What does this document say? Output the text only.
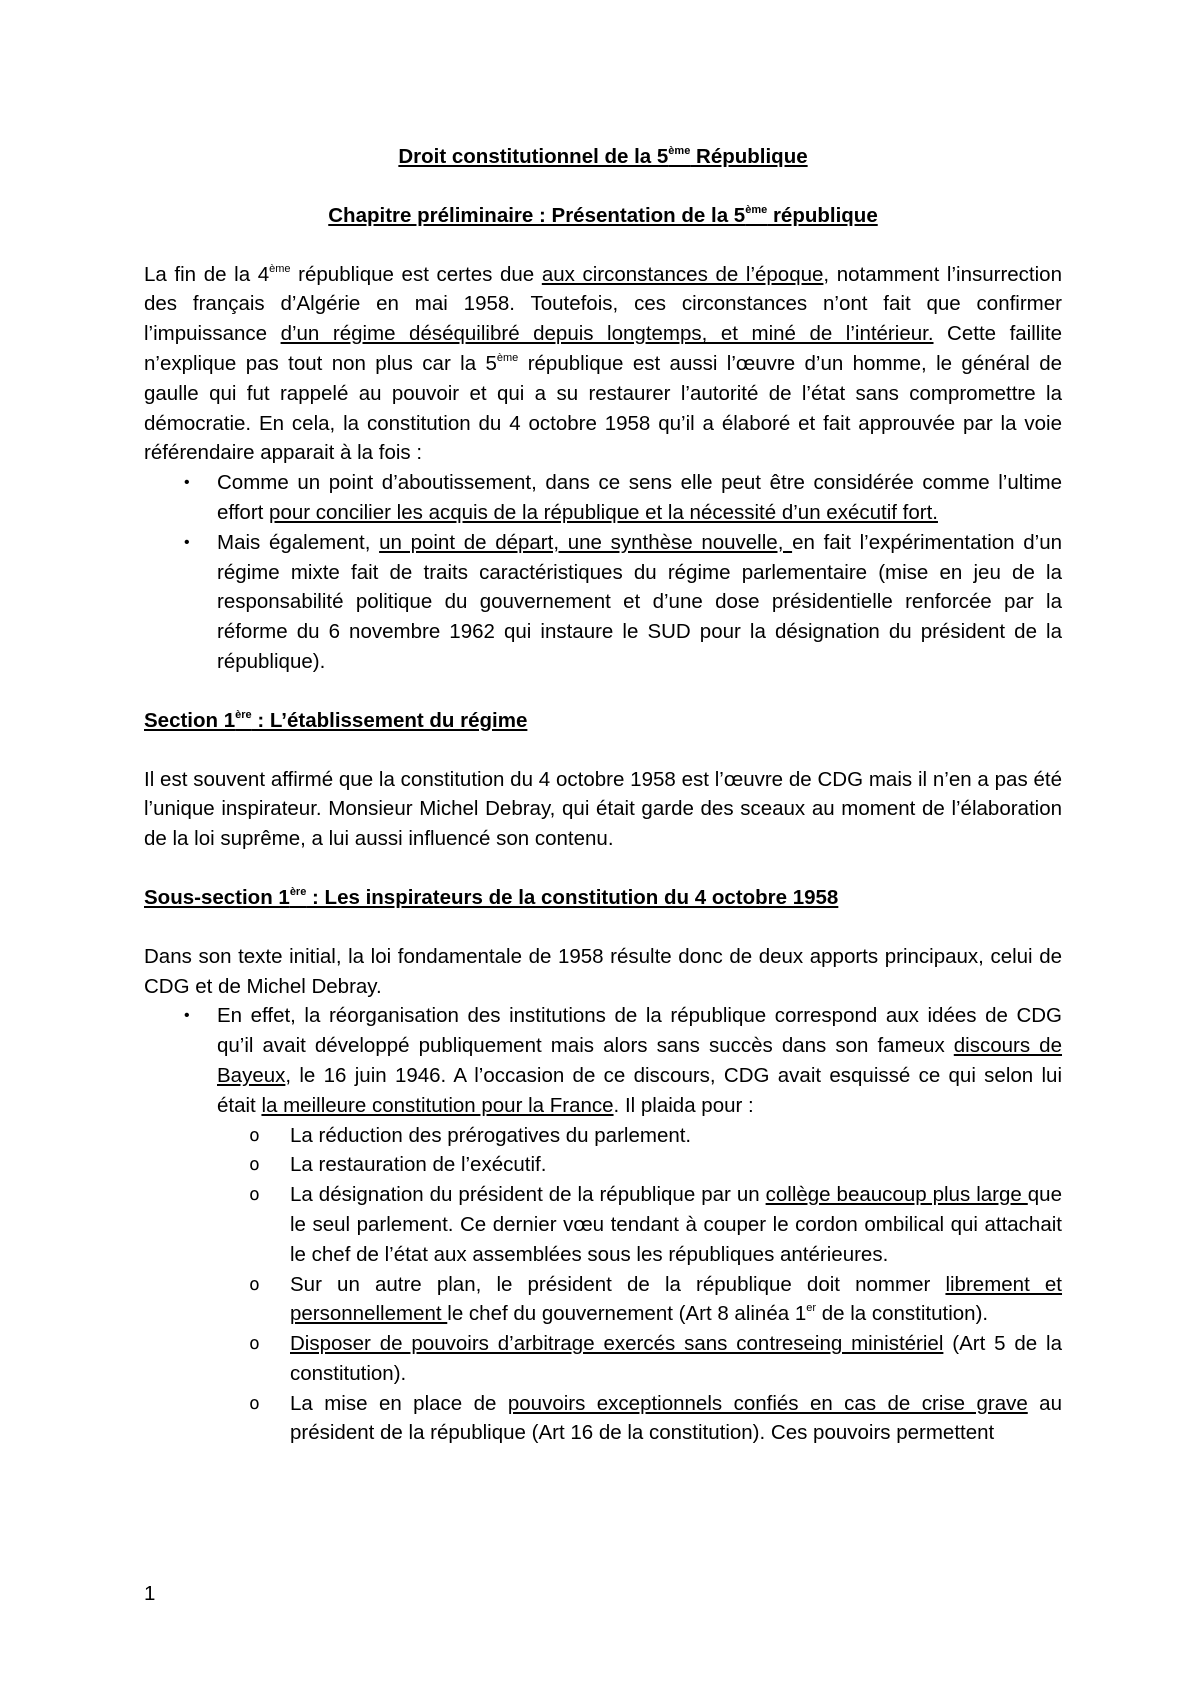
Droit constitutionnel de la 5ème République

Chapitre préliminaire : Présentation de la 5ème république

La fin de la 4ème république est certes due aux circonstances de l’époque, notamment l’insurrection des français d’Algérie en mai 1958. Toutefois, ces circonstances n’ont fait que confirmer l’impuissance d’un régime déséquilibré depuis longtemps, et miné de l’intérieur. Cette faillite n’explique pas tout non plus car la 5ème république est aussi l’œuvre d’un homme, le général de gaulle qui fut rappelé au pouvoir et qui a su restaurer l’autorité de l’état sans compromettre la démocratie. En cela, la constitution du 4 octobre 1958 qu’il a élaboré et fait approuvée par la voie référendaire apparait à la fois :

• Comme un point d’aboutissement, dans ce sens elle peut être considérée comme l’ultime effort pour concilier les acquis de la république et la nécessité d’un exécutif fort.
• Mais également, un point de départ, une synthèse nouvelle, en fait l’expérimentation d’un régime mixte fait de traits caractéristiques du régime parlementaire (mise en jeu de la responsabilité politique du gouvernement et d’une dose présidentielle renforcée par la réforme du 6 novembre 1962 qui instaure le SUD pour la désignation du président de la république).

Section 1ère : L’établissement du régime

Il est souvent affirmé que la constitution du 4 octobre 1958 est l’œuvre de CDG mais il n’en a pas été l’unique inspirateur. Monsieur Michel Debray, qui était garde des sceaux au moment de l’élaboration de la loi suprême, a lui aussi influencé son contenu.

Sous-section 1ère : Les inspirateurs de la constitution du 4 octobre 1958

Dans son texte initial, la loi fondamentale de 1958 résulte donc de deux apports principaux, celui de CDG et de Michel Debray.

• En effet, la réorganisation des institutions de la république correspond aux idées de CDG qu’il avait développé publiquement mais alors sans succès dans son fameux discours de Bayeux, le 16 juin 1946. A l’occasion de ce discours, CDG avait esquissé ce qui selon lui était la meilleure constitution pour la France. Il plaida pour :
o	La réduction des prérogatives du parlement.
o	La restauration de l’exécutif.
o	La désignation du président de la république par un collège beaucoup plus large que le seul parlement. Ce dernier vœu tendant à couper le cordon ombilical qui attachait le chef de l’état aux assemblées sous les républiques antérieures.
o	Sur un autre plan, le président de la république doit nommer librement et personnellement le chef du gouvernement (Art 8 alinéa 1er de la constitution).
o	Disposer de pouvoirs d’arbitrage exercés sans contreseing ministériel (Art 5 de la constitution).
o	La mise en place de pouvoirs exceptionnels confiés en cas de crise grave au président de la république (Art 16 de la constitution). Ces pouvoirs permettent
1
